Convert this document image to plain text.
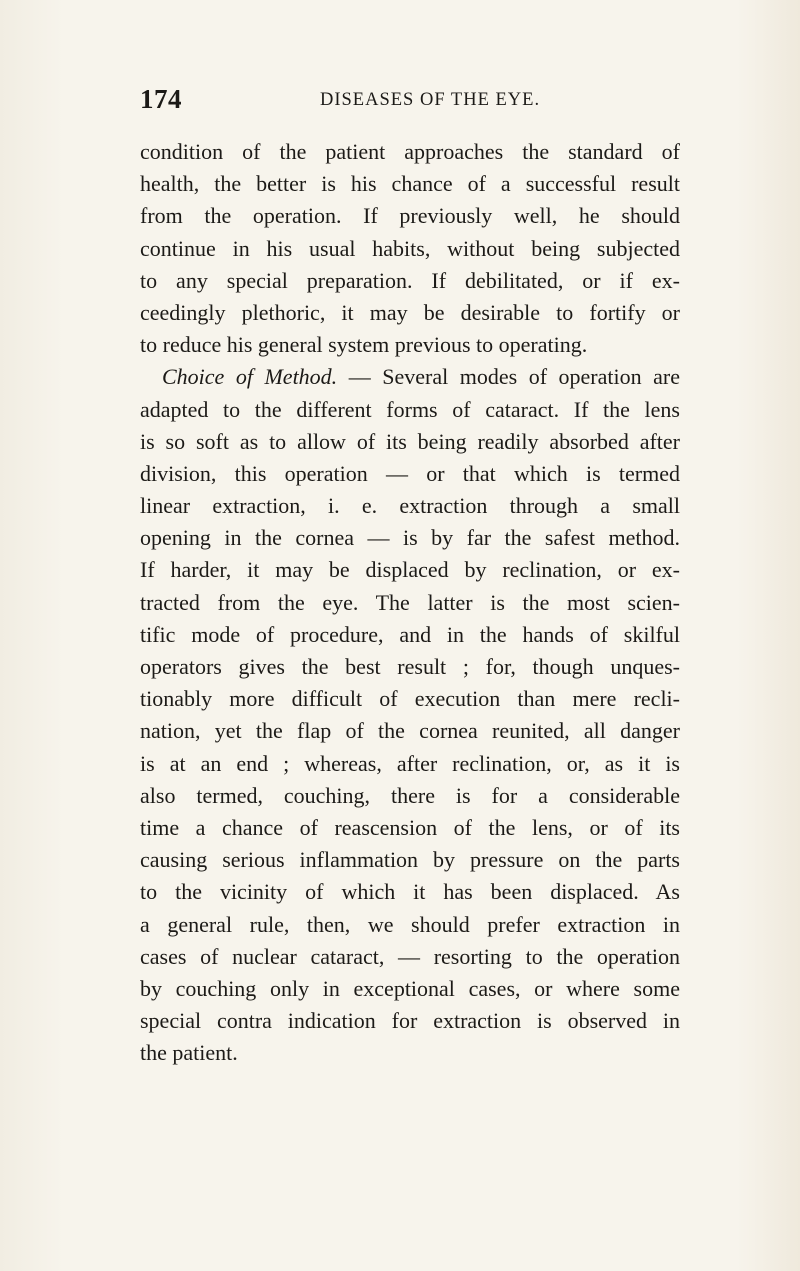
174	DISEASES OF THE EYE.
condition of the patient approaches the standard of
health, the better is his chance of a successful result
from the operation. If previously well, he should
continue in his usual habits, without being subjected
to any special preparation. If debilitated, or if ex-
ceedingly plethoric, it may be desirable to fortify or
to reduce his general system previous to operating.
Choice of Method. — Several modes of operation are
adapted to the different forms of cataract. If the lens
is so soft as to allow of its being readily absorbed after
division, this operation — or that which is termed
linear extraction, i. e. extraction through a small
opening in the cornea — is by far the safest method.
If harder, it may be displaced by reclination, or ex-
tracted from the eye. The latter is the most scien-
tific mode of procedure, and in the hands of skilful
operators gives the best result ; for, though unques-
tionably more difficult of execution than mere recli-
nation, yet the flap of the cornea reunited, all danger
is at an end ; whereas, after reclination, or, as it is
also termed, couching, there is for a considerable
time a chance of reascension of the lens, or of its
causing serious inflammation by pressure on the parts
to the vicinity of which it has been displaced. As
a general rule, then, we should prefer extraction in
cases of nuclear cataract, — resorting to the operation
by couching only in exceptional cases, or where some
special contra indication for extraction is observed in
the patient.
